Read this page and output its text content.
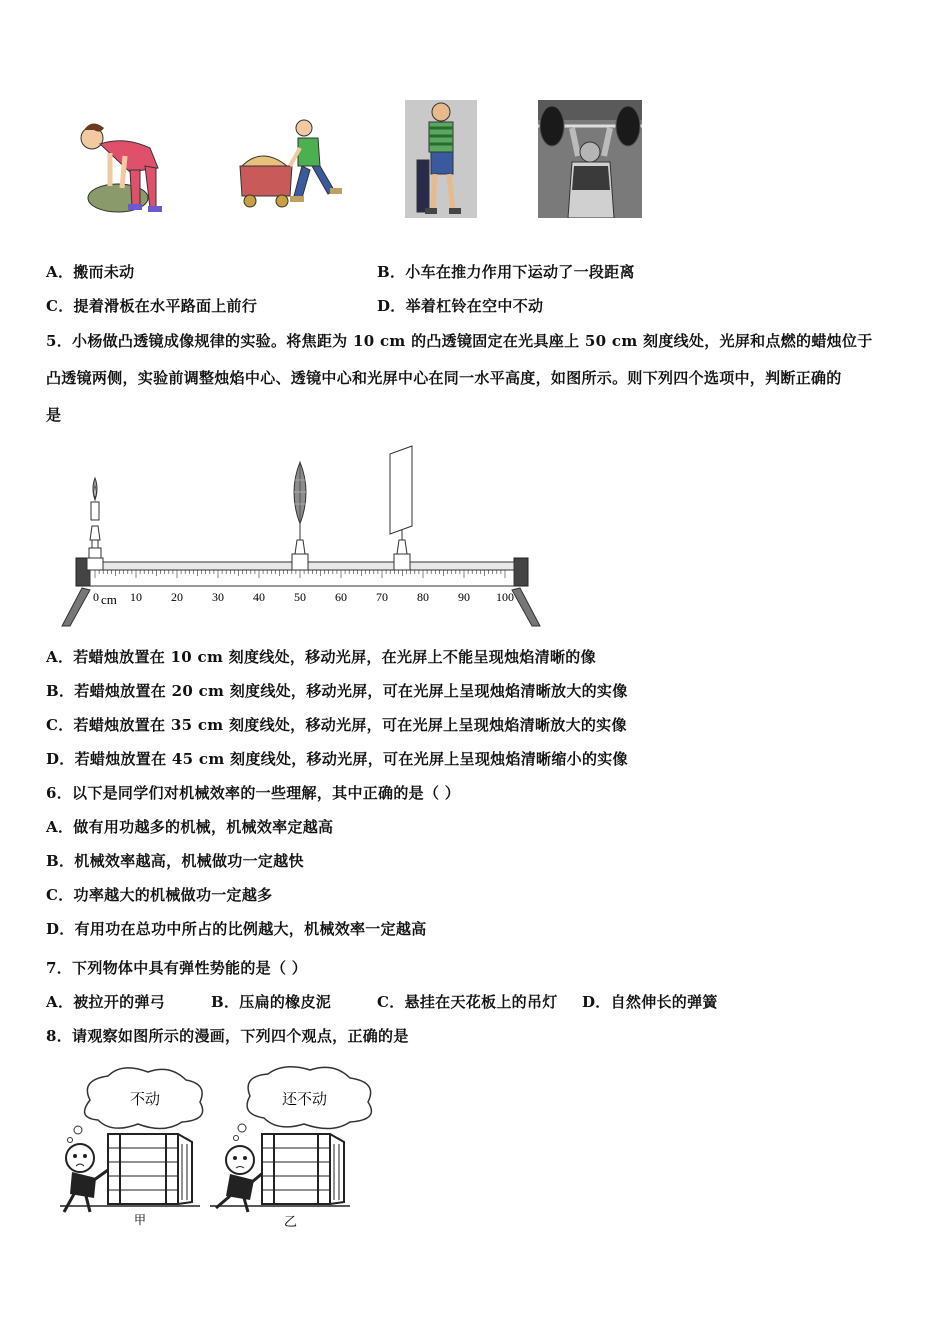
A．搬而未动	B．小车在推力作用下运动了一段距离
C．提着滑板在水平路面上前行	D．举着杠铃在空中不动
5．小杨做凸透镜成像规律的实验。将焦距为 10 cm 的凸透镜固定在光具座上 50 cm 刻度线处，光屏和点燃的蜡烛位于
凸透镜两侧，实验前调整烛焰中心、透镜中心和光屏中心在同一水平高度，如图所示。则下列四个选项中，判断正确的
是
0	10 20 30 40 50 60 70 80 90 100
cm
A．若蜡烛放置在 10 cm 刻度线处，移动光屏，在光屏上不能呈现烛焰清晰的像
B．若蜡烛放置在 20 cm 刻度线处，移动光屏，可在光屏上呈现烛焰清晰放大的实像
C．若蜡烛放置在 35 cm 刻度线处，移动光屏，可在光屏上呈现烛焰清晰放大的实像
D．若蜡烛放置在 45 cm 刻度线处，移动光屏，可在光屏上呈现烛焰清晰缩小的实像
6．以下是同学们对机械效率的一些理解，其中正确的是（ ）
A．做有用功越多的机械，机械效率定越高
B．机械效率越高，机械做功一定越快
C．功率越大的机械做功一定越多
D．有用功在总功中所占的比例越大，机械效率一定越高
7．下列物体中具有弹性势能的是（ ）
A．被拉开的弹弓	B．压扁的橡皮泥	C．悬挂在天花板上的吊灯 D．自然伸长的弹簧
8．请观察如图所示的漫画，下列四个观点，正确的是
不动	还不动
甲	乙
